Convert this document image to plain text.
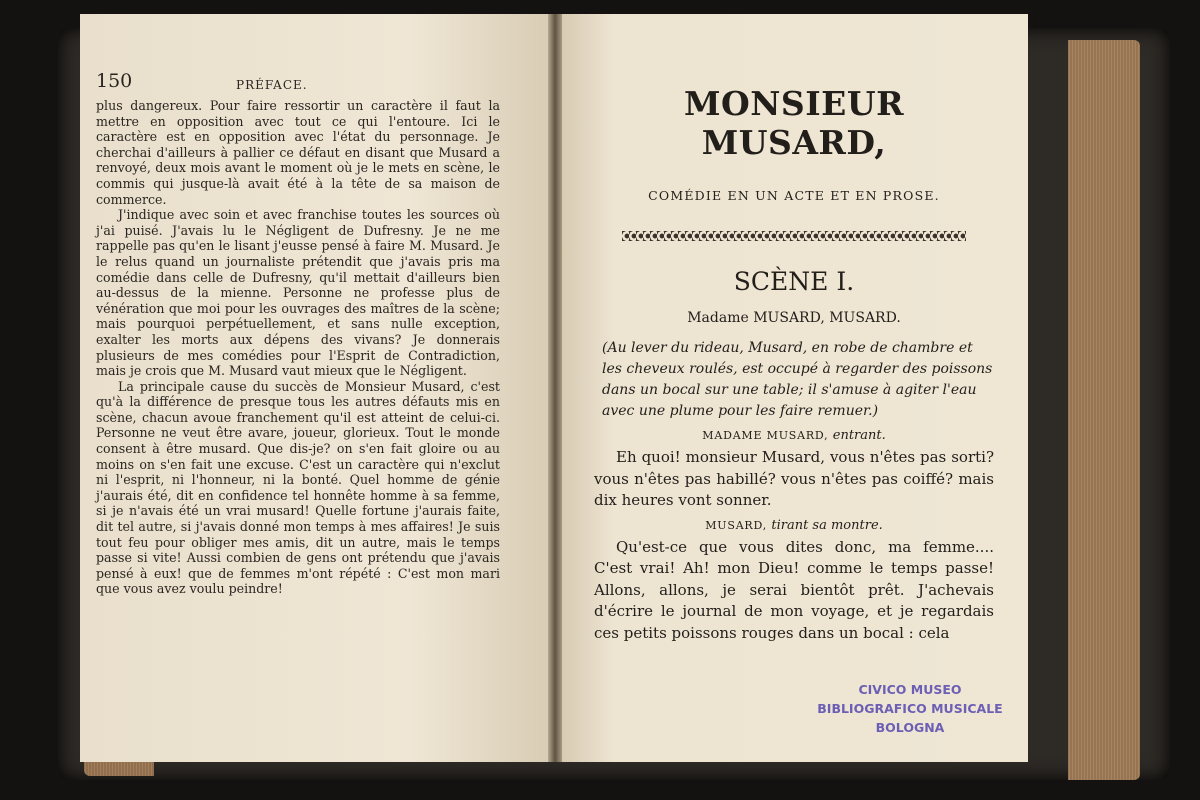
150	PRÉFACE.

plus dangereux. Pour faire ressortir un caractère il faut la mettre en opposition avec tout ce qui l'entoure. Ici le caractère est en opposition avec l'état du personnage. Je cherchai d'ailleurs à pallier ce défaut en disant que Musard a renvoyé, deux mois avant le moment où je le mets en scène, le commis qui jusque-là avait été à la tête de sa maison de commerce.

J'indique avec soin et avec franchise toutes les sources où j'ai puisé. J'avais lu le Négligent de Dufresny. Je ne me rappelle pas qu'en le lisant j'eusse pensé à faire M. Musard. Je le relus quand un journaliste prétendit que j'avais pris ma comédie dans celle de Dufresny, qu'il mettait d'ailleurs bien au-dessus de la mienne. Personne ne professe plus de vénération que moi pour les ouvrages des maîtres de la scène; mais pourquoi perpétuellement, et sans nulle exception, exalter les morts aux dépens des vivans? Je donnerais plusieurs de mes comédies pour l'Esprit de Contradiction, mais je crois que M. Musard vaut mieux que le Négligent.

La principale cause du succès de Monsieur Musard, c'est qu'à la différence de presque tous les autres défauts mis en scène, chacun avoue franchement qu'il est atteint de celui-ci. Personne ne veut être avare, joueur, glorieux. Tout le monde consent à être musard. Que dis-je? on s'en fait gloire ou au moins on s'en fait une excuse. C'est un caractère qui n'exclut ni l'esprit, ni l'honneur, ni la bonté. Quel homme de génie j'aurais été, dit en confidence tel honnête homme à sa femme, si je n'avais été un vrai musard! Quelle fortune j'aurais faite, dit tel autre, si j'avais donné mon temps à mes affaires! Je suis tout feu pour obliger mes amis, dit un autre, mais le temps passe si vite! Aussi combien de gens ont prétendu que j'avais pensé à eux! que de femmes m'ont répété : C'est mon mari que vous avez voulu peindre!

MONSIEUR MUSARD,
COMÉDIE EN UN ACTE ET EN PROSE.
SCÈNE I.
Madame MUSARD, MUSARD.
(Au lever du rideau, Musard, en robe de chambre et les cheveux roulés, est occupé à regarder des poissons dans un bocal sur une table; il s'amuse à agiter l'eau avec une plume pour les faire remuer.)
MADAME MUSARD, entrant.

Eh quoi! monsieur Musard, vous n'êtes pas sorti? vous n'êtes pas habillé? vous n'êtes pas coiffé? mais dix heures vont sonner.

MUSARD, tirant sa montre.

Qu'est-ce que vous dites donc, ma femme.... C'est vrai! Ah! mon Dieu! comme le temps passe! Allons, allons, je serai bientôt prêt. J'achevais d'écrire le journal de mon voyage, et je regardais ces petits poissons rouges dans un bocal : cela

CIVICO MUSEO
BIBLIOGRAFICO MUSICALE
BOLOGNA
